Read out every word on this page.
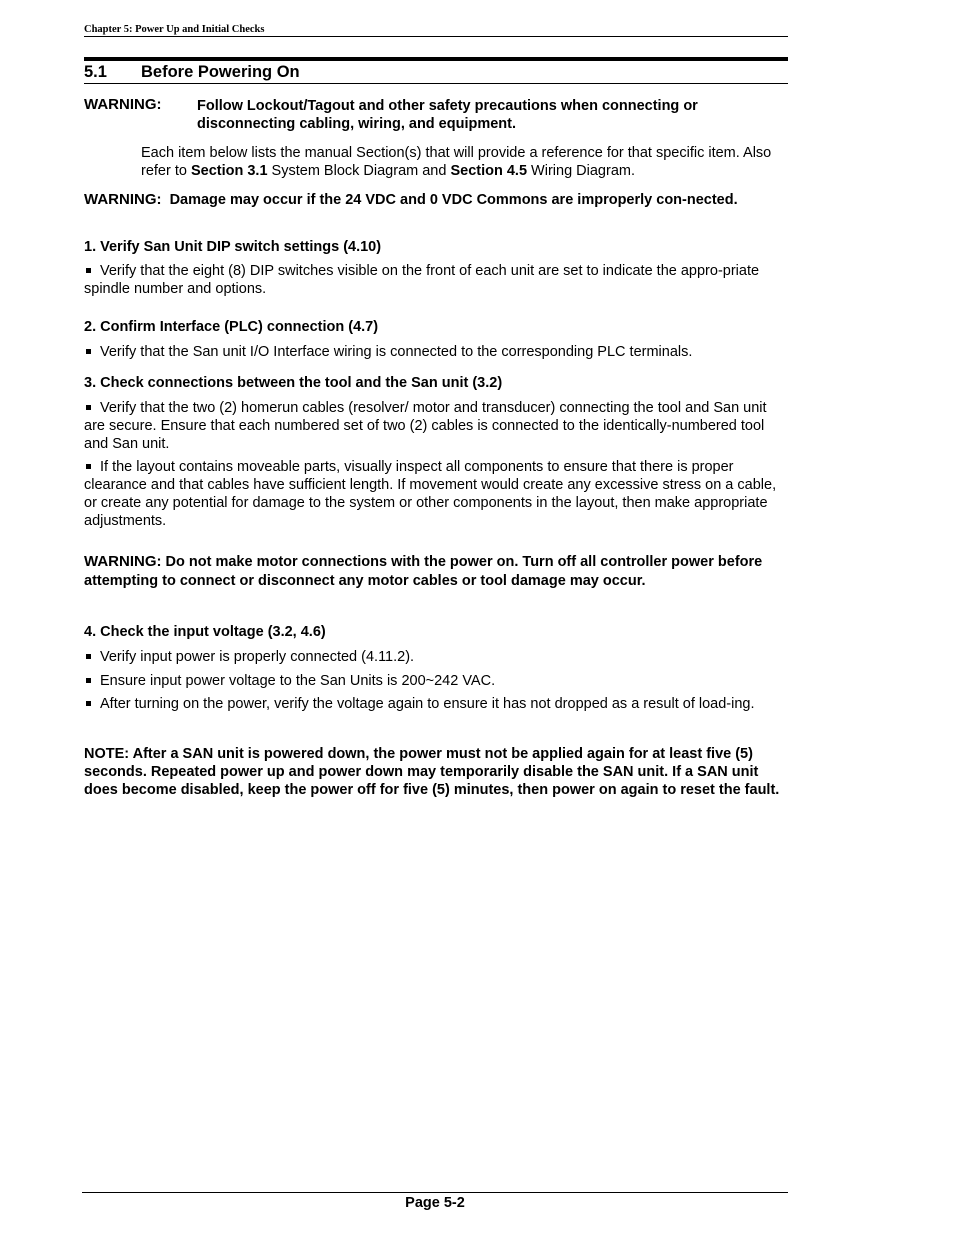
Chapter 5: Power Up and Initial Checks
5.1 Before Powering On
WARNING: Follow Lockout/Tagout and other safety precautions when connecting or disconnecting cabling, wiring, and equipment.
Each item below lists the manual Section(s) that will provide a reference for that specific item. Also refer to Section 3.1 System Block Diagram and Section 4.5 Wiring Diagram.
WARNING: Damage may occur if the 24 VDC and 0 VDC Commons are improperly con-nected.
1. Verify San Unit DIP switch settings (4.10)
Verify that the eight (8) DIP switches visible on the front of each unit are set to indicate the appro-priate spindle number and options.
2. Confirm Interface (PLC) connection (4.7)
Verify that the San unit I/O Interface wiring is connected to the corresponding PLC terminals.
3. Check connections between the tool and the San unit (3.2)
Verify that the two (2) homerun cables (resolver/ motor and transducer) connecting the tool and San unit are secure. Ensure that each numbered set of two (2) cables is connected to the identically-numbered tool and San unit.
If the layout contains moveable parts, visually inspect all components to ensure that there is proper clearance and that cables have sufficient length. If movement would create any excessive stress on a cable, or create any potential for damage to the system or other components in the layout, then make appropriate adjustments.
WARNING: Do not make motor connections with the power on. Turn off all controller power before attempting to connect or disconnect any motor cables or tool damage may occur.
4. Check the input voltage (3.2, 4.6)
Verify input power is properly connected (4.11.2).
Ensure input power voltage to the San Units is 200~242 VAC.
After turning on the power, verify the voltage again to ensure it has not dropped as a result of load-ing.
NOTE: After a SAN unit is powered down, the power must not be applied again for at least five (5) seconds. Repeated power up and power down may temporarily disable the SAN unit. If a SAN unit does become disabled, keep the power off for five (5) minutes, then power on again to reset the fault.
Page 5-2
